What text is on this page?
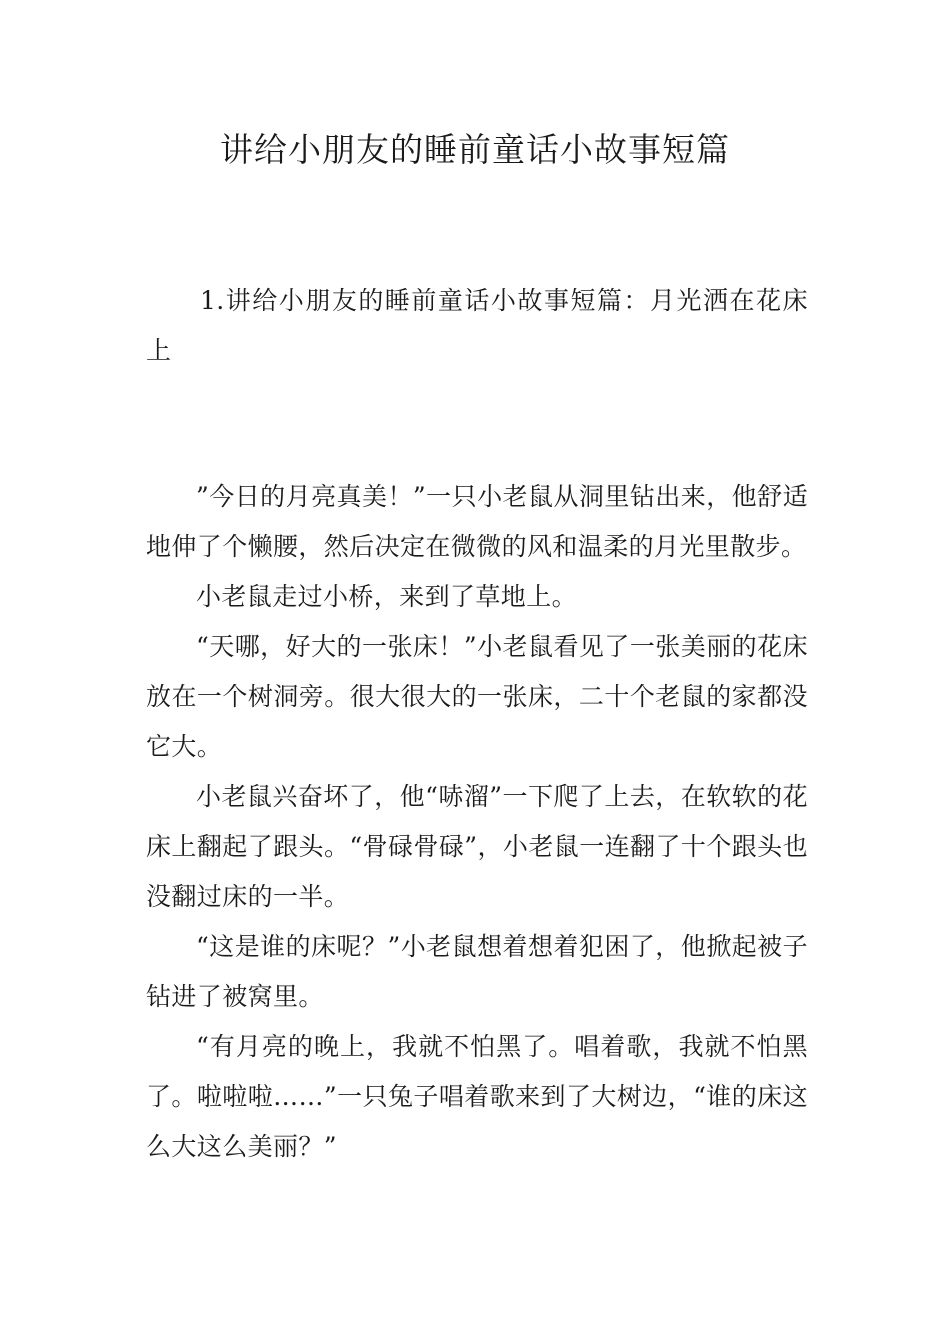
讲给小朋友的睡前童话小故事短篇

1.讲给小朋友的睡前童话小故事短篇：月光洒在花床上

”今日的月亮真美！”一只小老鼠从洞里钻出来，他舒适地伸了个懒腰，然后决定在微微的风和温柔的月光里散步。

小老鼠走过小桥，来到了草地上。

“天哪，好大的一张床！”小老鼠看见了一张美丽的花床放在一个树洞旁。很大很大的一张床，二十个老鼠的家都没它大。

小老鼠兴奋坏了，他“哧溜”一下爬了上去，在软软的花床上翻起了跟头。“骨碌骨碌”，小老鼠一连翻了十个跟头也没翻过床的一半。

“这是谁的床呢？”小老鼠想着想着犯困了，他掀起被子钻进了被窝里。

“有月亮的晚上，我就不怕黑了。唱着歌，我就不怕黑了。啦啦啦……”一只兔子唱着歌来到了大树边，“谁的床这么大这么美丽？”
